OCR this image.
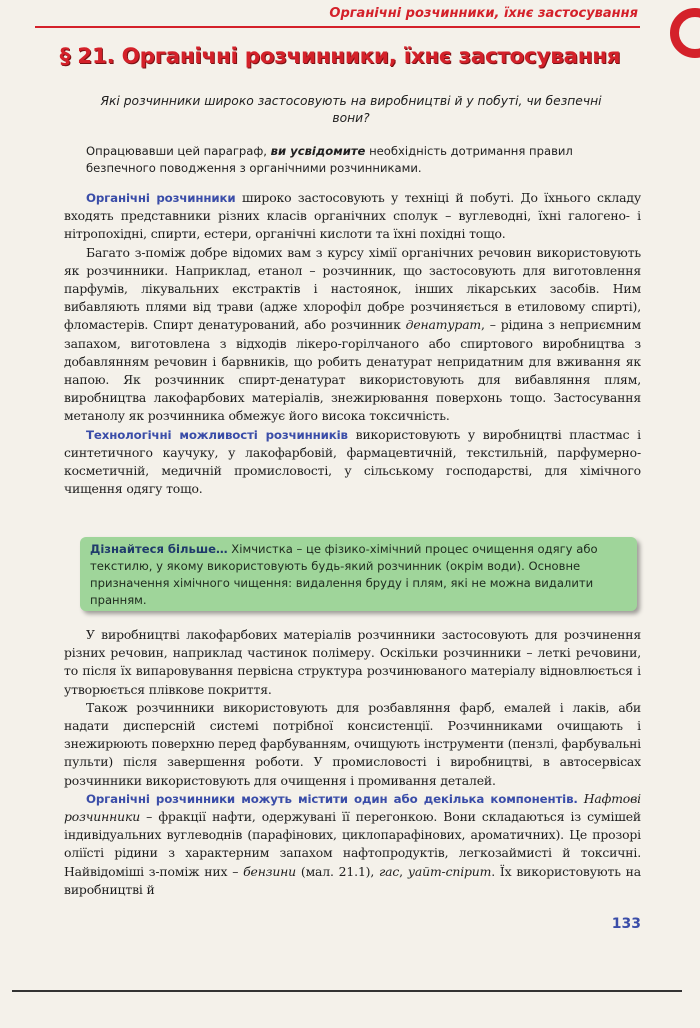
Органічні розчинники, їхнє застосування
§ 21. Органічні розчинники, їхнє застосування
Які розчинники широко застосовують на виробництві й у побуті, чи безпечні вони?
Опрацювавши цей параграф, ви усвідомите необхідність дотримання правил безпечного поводження з органічними розчинниками.

Органічні розчинники широко застосовують у техніці й побуті. До їхнього складу входять представники різних класів органічних сполук – вуглеводні, їхні галогено- і нітропохідні, спирти, естери, органічні кислоти та їхні похідні тощо.

Багато з-поміж добре відомих вам з курсу хімії органічних речовин використовують як розчинники. Наприклад, етанол – розчинник, що застосовують для виготовлення парфумів, лікувальних екстрактів і настоянок, інших лікарських засобів. Ним вибавляють плями від трави (адже хлорофіл добре розчиняється в етиловому спирті), фломастерів. Спирт денатурований, або розчинник денатурат, – рідина з неприємним запахом, виготовлена з відходів лікеро-горілчаного або спиртового виробництва з добавлянням речовин і барвників, що робить денатурат непридатним для вживання як напою. Як розчинник спирт-денатурат використовують для вибавляння плям, виробництва лакофарбових матеріалів, знежирювання поверхонь тощо. Застосування метанолу як розчинника обмежує його висока токсичність.

Технологічні можливості розчинників використовують у виробництві пластмас і синтетичного каучуку, у лакофарбовій, фармацевтичній, текстильній, парфумерно-косметичній, медичній промисловості, у сільському господарстві, для хімічного чищення одягу тощо.

Дізнайтеся більше… Хімчистка – це фізико-хімічний процес очищення одягу або текстилю, у якому використовують будь-який розчинник (окрім води). Основне призначення хімічного чищення: видалення бруду і плям, які не можна видалити пранням.

У виробництві лакофарбових матеріалів розчинники застосовують для розчинення різних речовин, наприклад частинок полімеру. Оскільки розчинники – леткі речовини, то після їх випаровування первісна структура розчинюваного матеріалу відновлюється і утворюється плівкове покриття.

Також розчинники використовують для розбавляння фарб, емалей і лаків, аби надати дисперсній системі потрібної консистенції. Розчинниками очищають і знежирюють поверхню перед фарбуванням, очищують інструменти (пензлі, фарбувальні пульти) після завершення роботи. У промисловості і виробництві, в автосервісах розчинники використовують для очищення і промивання деталей.

Органічні розчинники можуть містити один або декілька компонентів. Нафтові розчинники – фракції нафти, одержувані її перегонкою. Вони складаються із сумішей індивідуальних вуглеводнів (парафінових, циклопарафінових, ароматичних). Це прозорі оліїсті рідини з характерним запахом нафтопродуктів, легкозаймисті й токсичні. Найвідоміші з-поміж них – бензини (мал. 21.1), гас, уайт-спірит. Їх використовують на виробництві й

133
